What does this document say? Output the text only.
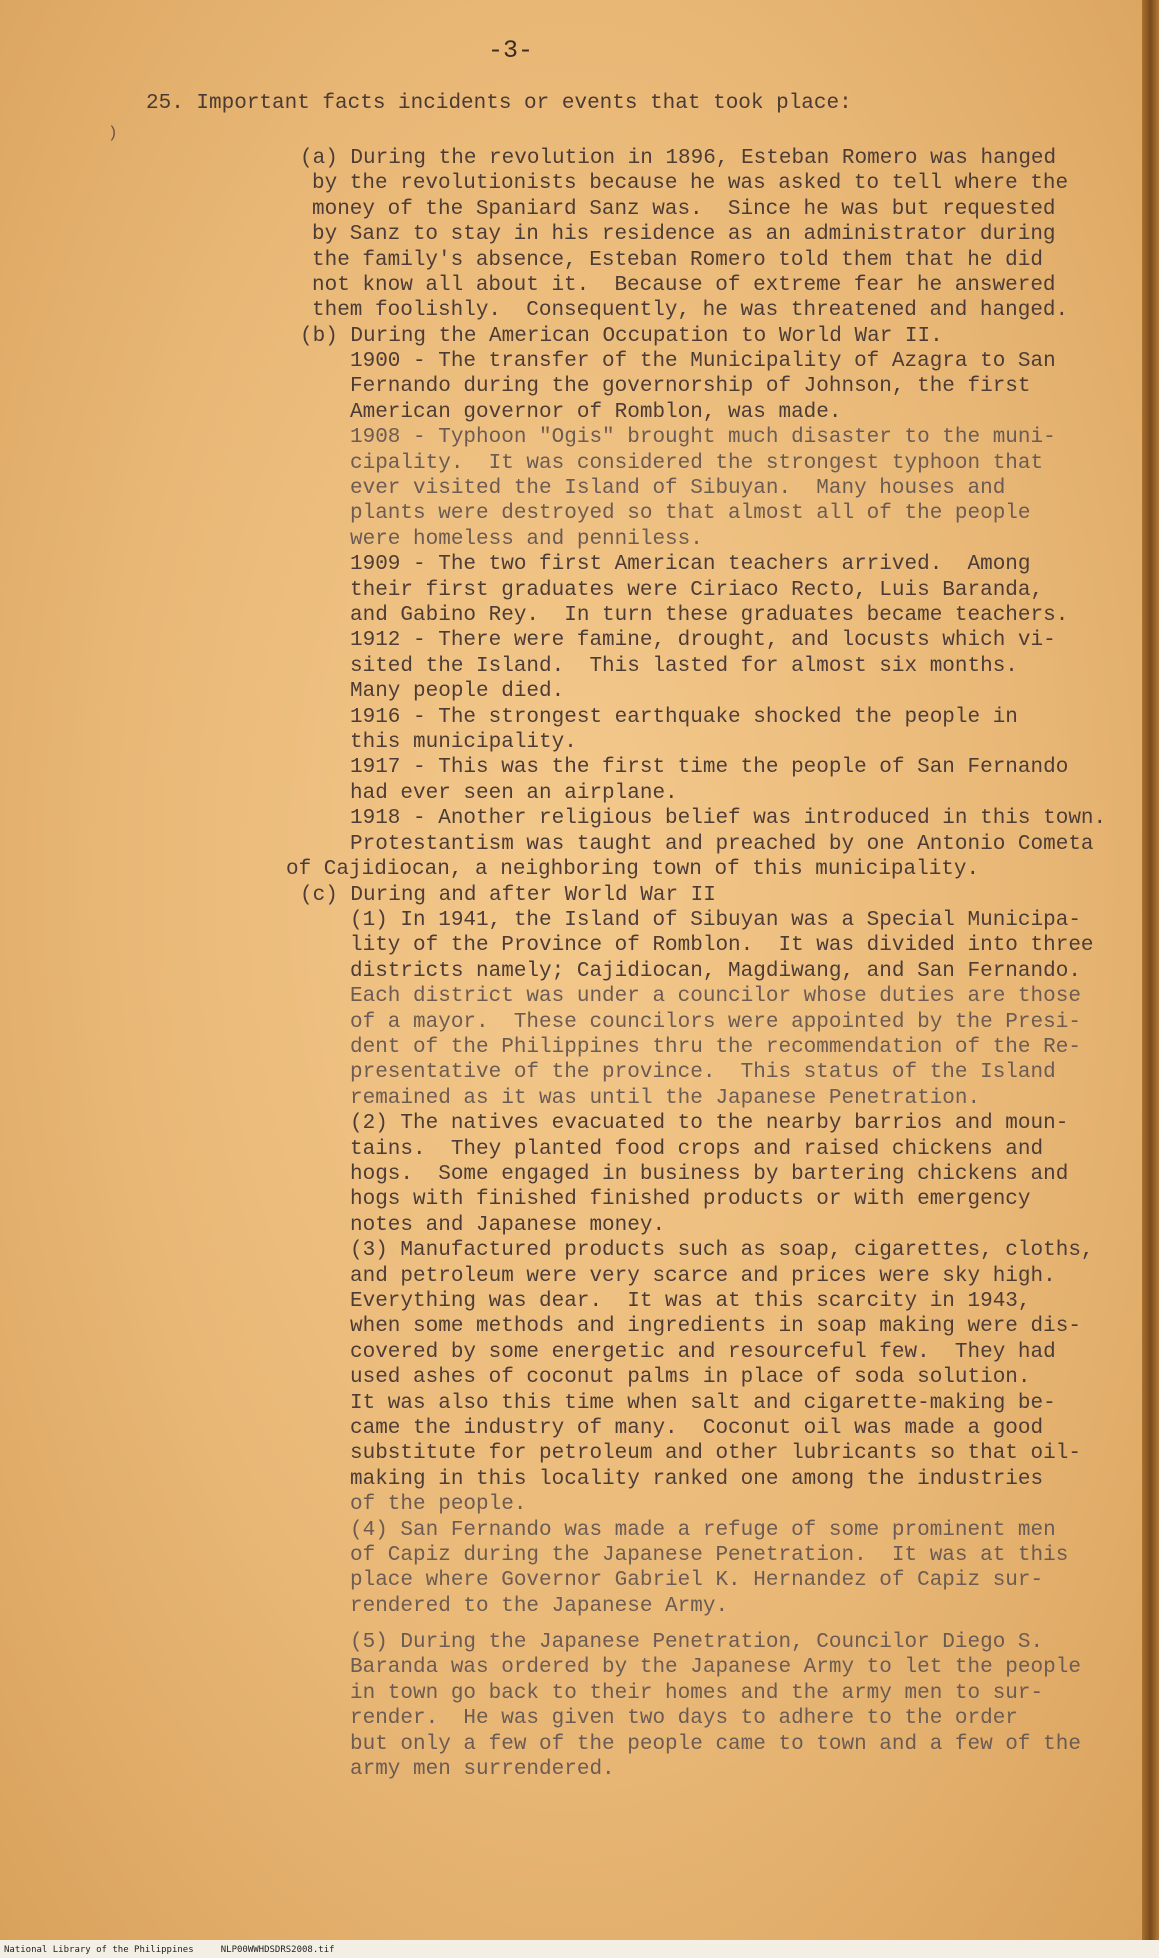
-3-
25. Important facts incidents or events that took place:
)
(a) During the revolution in 1896, Esteban Romero was hanged
by the revolutionists because he was asked to tell where the
money of the Spaniard Sanz was.  Since he was but requested
by Sanz to stay in his residence as an administrator during
the family's absence, Esteban Romero told them that he did
not know all about it.  Because of extreme fear he answered
them foolishly.  Consequently, he was threatened and hanged.
(b) During the American Occupation to World War II.
1900 - The transfer of the Municipality of Azagra to San
Fernando during the governorship of Johnson, the first
American governor of Romblon, was made.
1908 - Typhoon "Ogis" brought much disaster to the muni-
cipality.  It was considered the strongest typhoon that
ever visited the Island of Sibuyan.  Many houses and
plants were destroyed so that almost all of the people
were homeless and penniless.
1909 - The two first American teachers arrived.  Among
their first graduates were Ciriaco Recto, Luis Baranda,
and Gabino Rey.  In turn these graduates became teachers.
1912 - There were famine, drought, and locusts which vi-
sited the Island.  This lasted for almost six months.
Many people died.
1916 - The strongest earthquake shocked the people in
this municipality.
1917 - This was the first time the people of San Fernando
had ever seen an airplane.
1918 - Another religious belief was introduced in this town.
Protestantism was taught and preached by one Antonio Cometa
of Cajidiocan, a neighboring town of this municipality.
(c) During and after World War II
(1) In 1941, the Island of Sibuyan was a Special Municipa-
lity of the Province of Romblon.  It was divided into three
districts namely; Cajidiocan, Magdiwang, and San Fernando.
Each district was under a councilor whose duties are those
of a mayor.  These councilors were appointed by the Presi-
dent of the Philippines thru the recommendation of the Re-
presentative of the province.  This status of the Island
remained as it was until the Japanese Penetration.
(2) The natives evacuated to the nearby barrios and moun-
tains.  They planted food crops and raised chickens and
hogs.  Some engaged in business by bartering chickens and
hogs with finished finished products or with emergency
notes and Japanese money.
(3) Manufactured products such as soap, cigarettes, cloths,
and petroleum were very scarce and prices were sky high.
Everything was dear.  It was at this scarcity in 1943,
when some methods and ingredients in soap making were dis-
covered by some energetic and resourceful few.  They had
used ashes of coconut palms in place of soda solution.
It was also this time when salt and cigarette-making be-
came the industry of many.  Coconut oil was made a good
substitute for petroleum and other lubricants so that oil-
making in this locality ranked one among the industries
of the people.
(4) San Fernando was made a refuge of some prominent men
of Capiz during the Japanese Penetration.  It was at this
place where Governor Gabriel K. Hernandez of Capiz sur-
rendered to the Japanese Army.
(5) During the Japanese Penetration, Councilor Diego S.
Baranda was ordered by the Japanese Army to let the people
in town go back to their homes and the army men to sur-
render.  He was given two days to adhere to the order
but only a few of the people came to town and a few of the
army men surrendered.
National Library of the Philippines     NLP00WWHDSDRS2008.tif
